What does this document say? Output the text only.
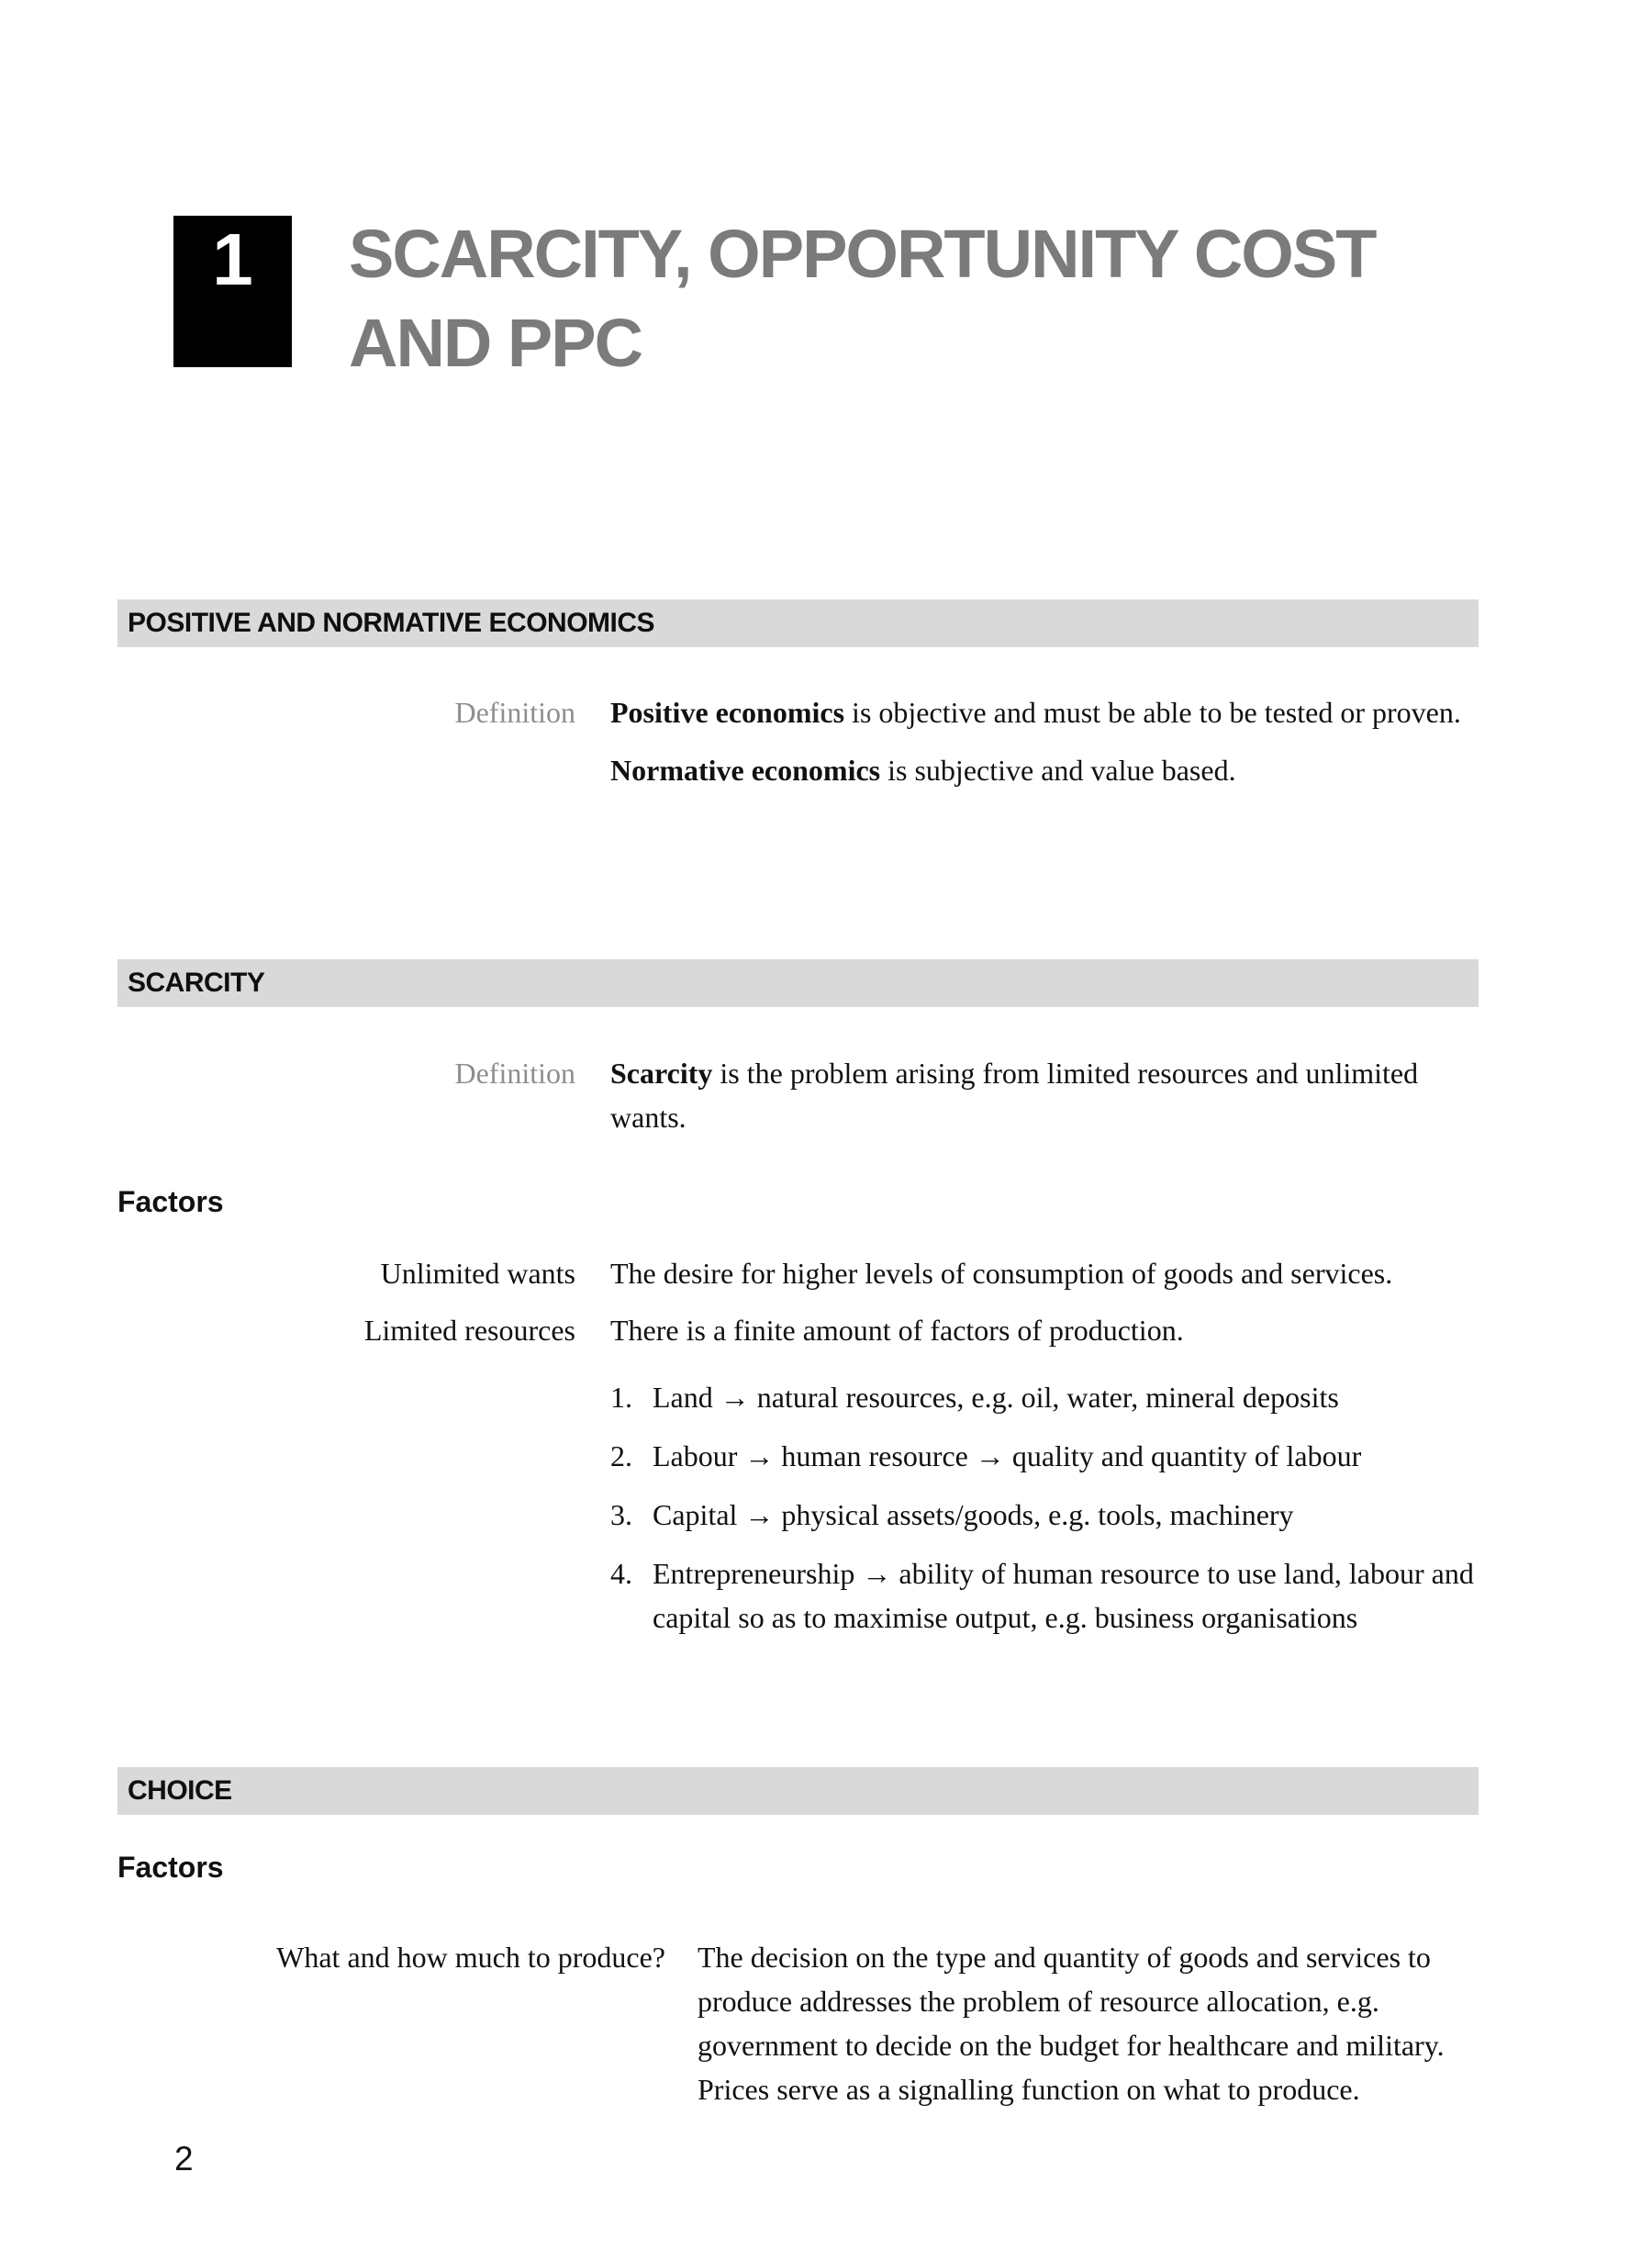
1	SCARCITY, OPPORTUNITY COST
AND PPC
POSITIVE AND NORMATIVE ECONOMICS
Definition Positive economics is objective and must be able to be tested or proven.

Normative economics is subjective and value based.

SCARCITY
Definition Scarcity is the problem arising from limited resources and unlimited wants.

Factors
Unlimited wants The desire for higher levels of consumption of goods and services.
Limited resources There is a finite amount of factors of production.
1. Land → natural resources, e.g. oil, water, mineral deposits
2. Labour → human resource → quality and quantity of labour
3. Capital → physical assets/goods, e.g. tools, machinery
4. Entrepreneurship → ability of human resource to use land, labour and capital so as to maximise output, e.g. business organisations
CHOICE
Factors
What and how much to produce? The decision on the type and quantity of goods and services to produce addresses the problem of resource allocation, e.g. government to decide on the budget for healthcare and military. Prices serve as a signalling function on what to produce.
2
